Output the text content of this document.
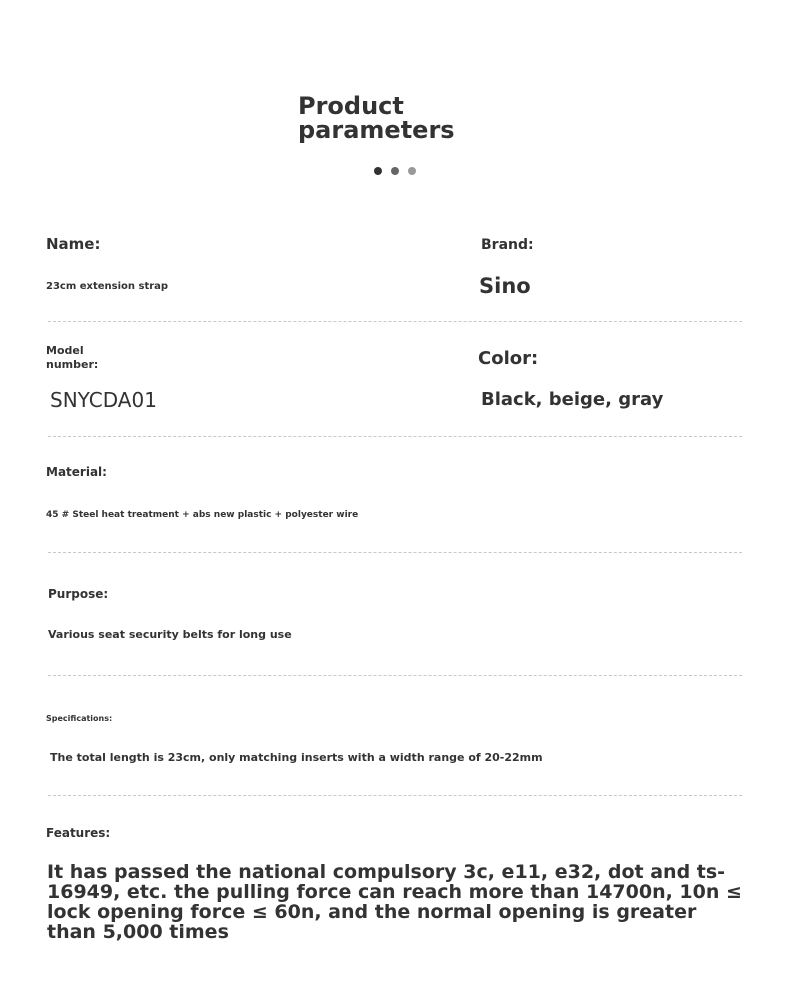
Product
parameters
Name:
23cm extension strap
Brand:
Sino
Model
number:
SNYCDA01
Color:
Black, beige, gray
Material:
45 # Steel heat treatment + abs new plastic + polyester wire
Purpose:
Various seat security belts for long use
Specifications:
The total length is 23cm, only matching inserts with a width range of 20-22mm
Features:
It has passed the national compulsory 3c, e11, e32, dot and ts-16949, etc. the pulling force can reach more than 14700n, 10n ≤ lock opening force ≤ 60n, and the normal opening is greater than 5,000 times
